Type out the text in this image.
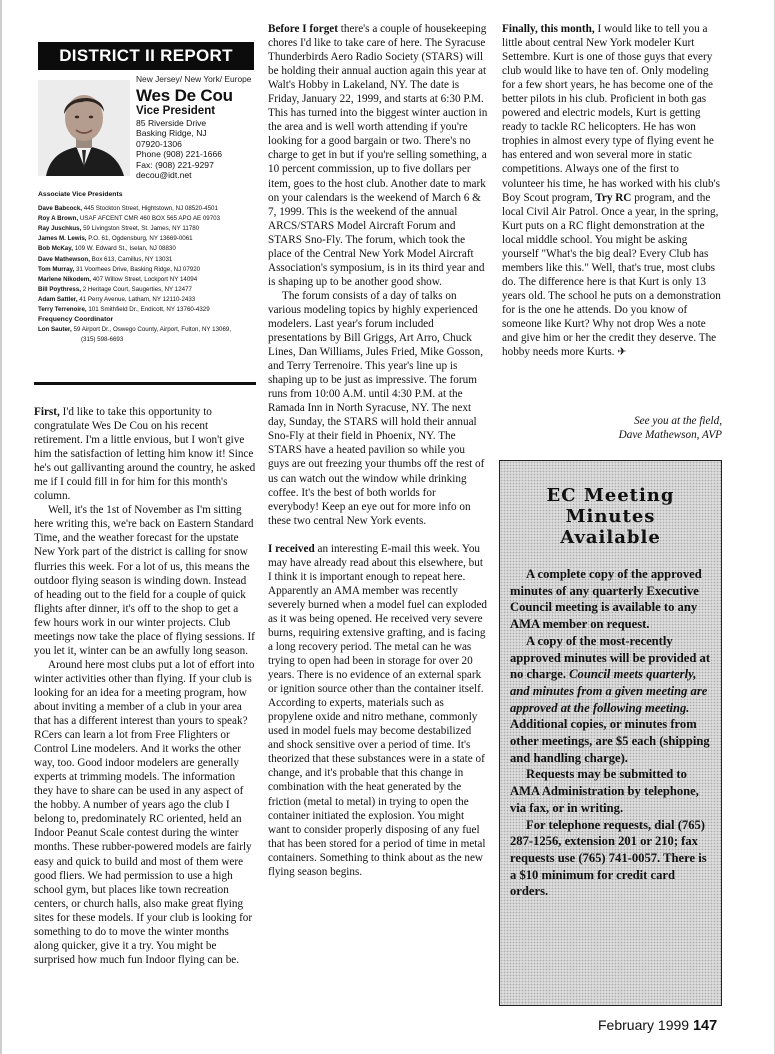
DISTRICT II REPORT
New Jersey/ New York/ Europe
Wes De Cou
Vice President
85 Riverside Drive
Basking Ridge, NJ
07920-1306
Phone (908) 221-1666
Fax: (908) 221-9297
decou@idt.net
Associate Vice Presidents
Dave Babcock, 445 Stockton Street, Hightstown, NJ 08520-4501
Roy A Brown, USAF AFCENT CMR 460 BOX 565 APO AE 09703
Ray Juschkus, 59 Livingston Street, St. James, NY 11780
James M. Lewis, P.O. 61, Ogdensburg, NY 13669-0061
Bob McKay, 109 W. Edward St., Iselan, NJ 08830
Dave Mathewson, Box 613, Camillus, NY 13031
Tom Murray, 31 Voorhees Drive, Basking Ridge, NJ 07920
Marlene Nikodem, 407 Willow Street, Lockport NY 14094
Bill Poythress, 2 Heritage Court, Saugerties, NY 12477
Adam Sattler, 41 Perry Avenue, Latham, NY 12110-2433
Terry Terrenoire, 101 Smithfield Dr., Endicott, NY 13760-4329
Frequency Coordinator
Lon Sauter, 59 Airport Dr., Oswego County, Airport, Fulton, NY 13069,
(315) 598-6693

First, I'd like to take this opportunity to congratulate Wes De Cou on his recent retirement. I'm a little envious, but I won't give him the satisfaction of letting him know it! Since he's out gallivanting around the country, he asked me if I could fill in for him for this month's column.

Well, it's the 1st of November as I'm sitting here writing this, we're back on Eastern Standard Time, and the weather forecast for the upstate New York part of the district is calling for snow flurries this week. For a lot of us, this means the outdoor flying season is winding down. Instead of heading out to the field for a couple of quick flights after dinner, it's off to the shop to get a few hours work in our winter projects. Club meetings now take the place of flying sessions. If you let it, winter can be an awfully long season.

Around here most clubs put a lot of effort into winter activities other than flying. If your club is looking for an idea for a meeting program, how about inviting a member of a club in your area that has a different interest than yours to speak? RCers can learn a lot from Free Flighters or Control Line modelers. And it works the other way, too. Good indoor modelers are generally experts at trimming models. The information they have to share can be used in any aspect of the hobby. A number of years ago the club I belong to, predominately RC oriented, held an Indoor Peanut Scale contest during the winter months. These rubber-powered models are fairly easy and quick to build and most of them were good fliers. We had permission to use a high school gym, but places like town recreation centers, or church halls, also make great flying sites for these models. If your club is looking for something to do to move the winter months along quicker, give it a try. You might be surprised how much fun Indoor flying can be.

Before I forget there's a couple of housekeeping chores I'd like to take care of here. The Syracuse Thunderbirds Aero Radio Society (STARS) will be holding their annual auction again this year at Walt's Hobby in Lakeland, NY. The date is Friday, January 22, 1999, and starts at 6:30 P.M. This has turned into the biggest winter auction in the area and is well worth attending if you're looking for a good bargain or two. There's no charge to get in but if you're selling something, a 10 percent commission, up to five dollars per item, goes to the host club. Another date to mark on your calendars is the weekend of March 6 & 7, 1999. This is the weekend of the annual ARCS/STARS Model Aircraft Forum and STARS Sno-Fly. The forum, which took the place of the Central New York Model Aircraft Association's symposium, is in its third year and is shaping up to be another good show.

The forum consists of a day of talks on various modeling topics by highly experienced modelers. Last year's forum included presentations by Bill Griggs, Art Arro, Chuck Lines, Dan Williams, Jules Fried, Mike Gosson, and Terry Terrenoire. This year's line up is shaping up to be just as impressive. The forum runs from 10:00 A.M. until 4:30 P.M. at the Ramada Inn in North Syracuse, NY. The next day, Sunday, the STARS will hold their annual Sno-Fly at their field in Phoenix, NY. The STARS have a heated pavilion so while you guys are out freezing your thumbs off the rest of us can watch out the window while drinking coffee. It's the best of both worlds for everybody! Keep an eye out for more info on these two central New York events.

I received an interesting E-mail this week. You may have already read about this elsewhere, but I think it is important enough to repeat here. Apparently an AMA member was recently severely burned when a model fuel can exploded as it was being opened. He received very severe burns, requiring extensive grafting, and is facing a long recovery period. The metal can he was trying to open had been in storage for over 20 years. There is no evidence of an external spark or ignition source other than the container itself. According to experts, materials such as propylene oxide and nitro methane, commonly used in model fuels may become destabilized and shock sensitive over a period of time. It's theorized that these substances were in a state of change, and it's probable that this change in combination with the heat generated by the friction (metal to metal) in trying to open the container initiated the explosion. You might want to consider properly disposing of any fuel that has been stored for a period of time in metal containers. Something to think about as the new flying season begins.

Finally, this month, I would like to tell you a little about central New York modeler Kurt Settembre. Kurt is one of those guys that every club would like to have ten of. Only modeling for a few short years, he has become one of the better pilots in his club. Proficient in both gas powered and electric models, Kurt is getting ready to tackle RC helicopters. He has won trophies in almost every type of flying event he has entered and won several more in static competitions. Always one of the first to volunteer his time, he has worked with his club's Boy Scout program, Try RC program, and the local Civil Air Patrol. Once a year, in the spring, Kurt puts on a RC flight demonstration at the local middle school. You might be asking yourself "What's the big deal? Every Club has members like this." Well, that's true, most clubs do. The difference here is that Kurt is only 13 years old. The school he puts on a demonstration for is the one he attends. Do you know of someone like Kurt? Why not drop Wes a note and give him or her the credit they deserve. The hobby needs more Kurts. ✈

See you at the field,
Dave Mathewson, AVP
EC Meeting
Minutes
Available

A complete copy of the approved minutes of any quarterly Executive Council meeting is available to any AMA member on request.

A copy of the most-recently approved minutes will be provided at no charge. Council meets quarterly, and minutes from a given meeting are approved at the following meeting. Additional copies, or minutes from other meetings, are $5 each (shipping and handling charge).

Requests may be submitted to AMA Administration by telephone, via fax, or in writing.

For telephone requests, dial (765) 287-1256, extension 201 or 210; fax requests use (765) 741-0057. There is a $10 minimum for credit card orders.

February 1999 147
